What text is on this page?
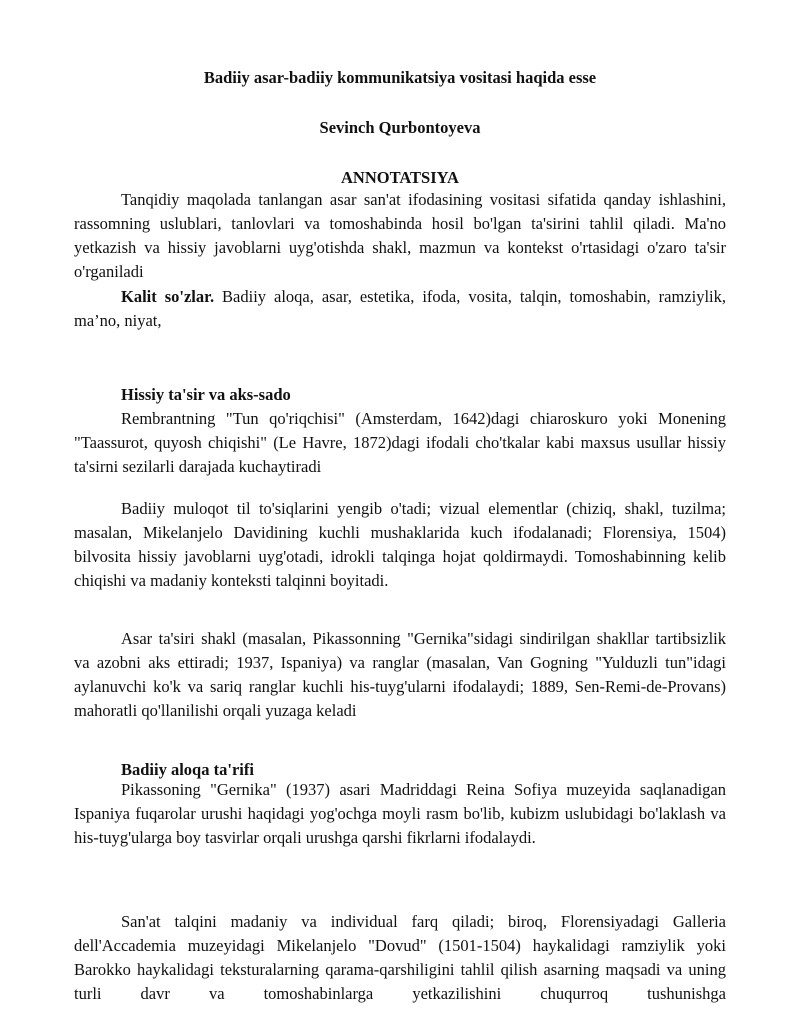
Badiiy asar-badiiy kommunikatsiya vositasi haqida esse
Sevinch Qurbontoyeva
ANNOTATSIYA
Tanqidiy maqolada tanlangan asar san'at ifodasining vositasi sifatida qanday ishlashini, rassomning uslublari, tanlovlari va tomoshabinda hosil bo'lgan ta'sirini tahlil qiladi. Ma'no yetkazish va hissiy javoblarni uyg'otishda shakl, mazmun va kontekst o'rtasidagi o'zaro ta'sir o'rganiladi
Kalit so'zlar. Badiiy aloqa, asar, estetika, ifoda, vosita, talqin, tomoshabin, ramziylik, ma’no, niyat,
Hissiy ta'sir va aks-sado
Rembrantning "Tun qo'riqchisi" (Amsterdam, 1642)dagi chiaroskuro yoki Monening "Taassurot, quyosh chiqishi" (Le Havre, 1872)dagi ifodali cho'tkalar kabi maxsus usullar hissiy ta'sirni sezilarli darajada kuchaytiradi
Badiiy muloqot til to'siqlarini yengib o'tadi; vizual elementlar (chiziq, shakl, tuzilma; masalan, Mikelanjelo Davidining kuchli mushaklarida kuch ifodalanadi; Florensiya, 1504) bilvosita hissiy javoblarni uyg'otadi, idrokli talqinga hojat qoldirmaydi. Tomoshabinning kelib chiqishi va madaniy konteksti talqinni boyitadi.
Asar ta'siri shakl (masalan, Pikassonning "Gernika"sidagi sindirilgan shakllar tartibsizlik va azobni aks ettiradi; 1937, Ispaniya) va ranglar (masalan, Van Gogning "Yulduzli tun"idagi aylanuvchi ko'k va sariq ranglar kuchli his-tuyg'ularni ifodalaydi; 1889, Sen-Remi-de-Provans) mahoratli qo'llanilishi orqali yuzaga keladi
Badiiy aloqa ta'rifi
Pikassoning "Gernika" (1937) asari Madriddagi Reina Sofiya muzeyida saqlanadigan Ispaniya fuqarolar urushi haqidagi yog'ochga moyli rasm bo'lib, kubizm uslubidagi bo'laklash va his-tuyg'ularga boy tasvirlar orqali urushga qarshi fikrlarni ifodalaydi.
San'at talqini madaniy va individual farq qiladi; biroq, Florensiyadagi Galleria dell'Accademia muzeyidagi Mikelanjelo "Dovud" (1501-1504) haykalidagi ramziylik yoki Barokko haykalidagi teksturalarning qarama-qarshiligini tahlil qilish asarning maqsadi va uning turli davr va tomoshabinlarga yetkazilishini chuqurroq tushunishga
